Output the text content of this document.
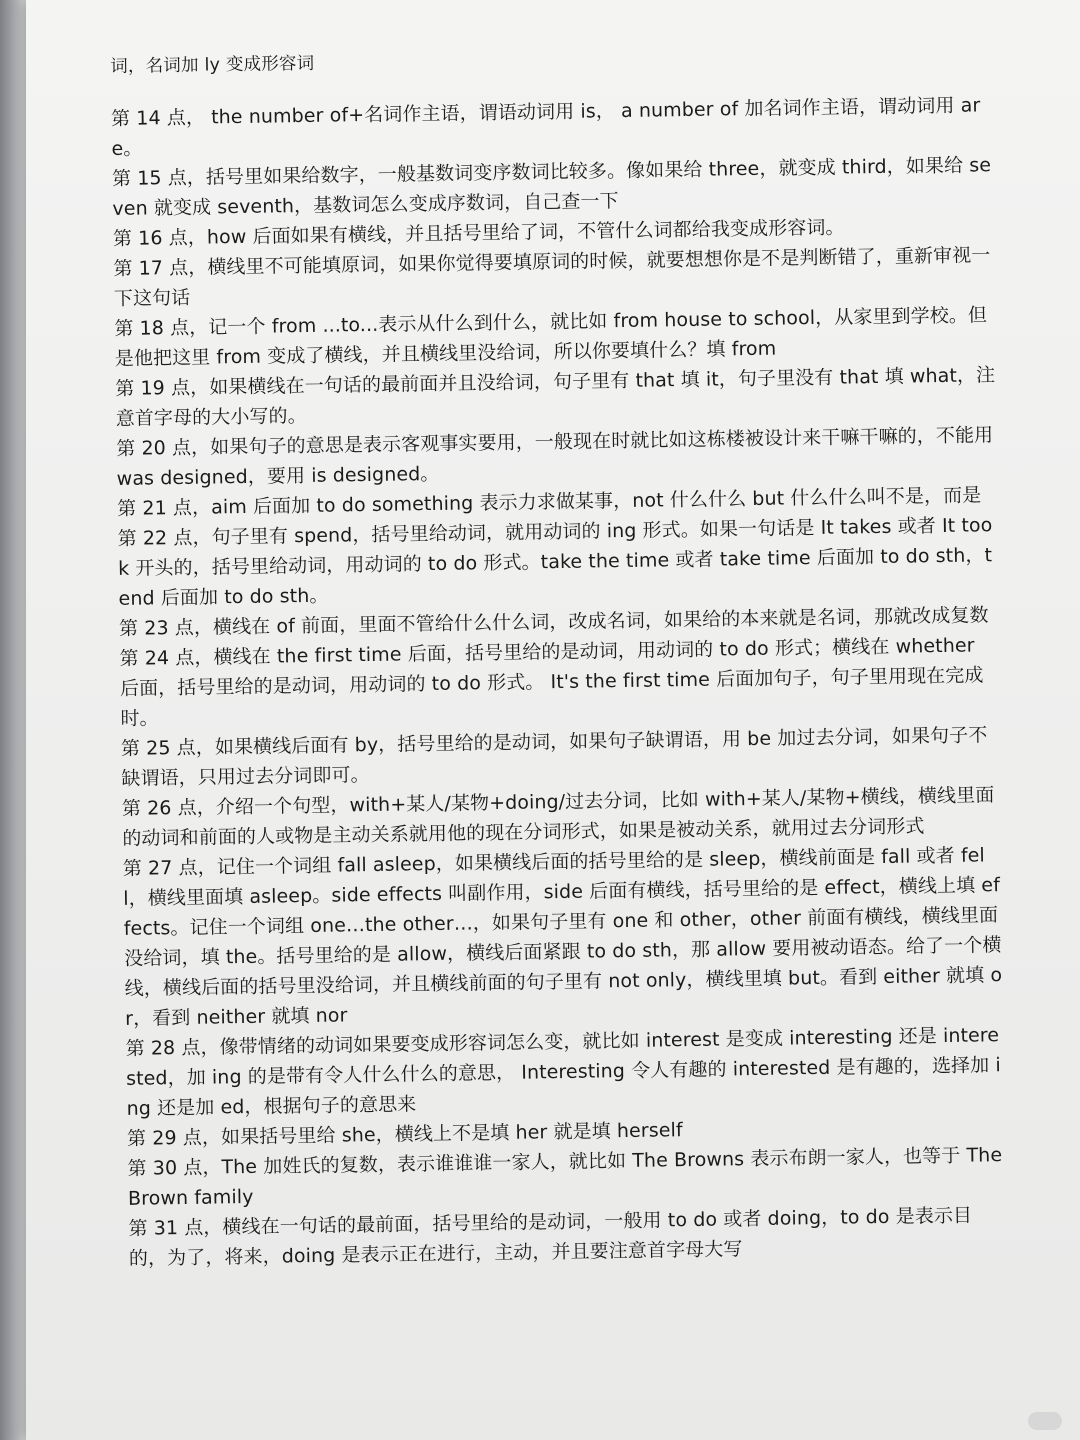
词，名词加 ly 变成形容词

第 14 点， the number of+名词作主语，谓语动词用 is， a number of 加名词作主语，谓动词用 are。

第 15 点，括号里如果给数字，一般基数词变序数词比较多。像如果给 three，就变成 third，如果给 seven 就变成 seventh，基数词怎么变成序数词，自己查一下

第 16 点，how 后面如果有横线，并且括号里给了词，不管什么词都给我变成形容词。

第 17 点，横线里不可能填原词，如果你觉得要填原词的时候，就要想想你是不是判断错了，重新审视一下这句话

第 18 点，记一个 from ...to...表示从什么到什么，就比如 from house to school，从家里到学校。但是他把这里 from 变成了横线，并且横线里没给词，所以你要填什么？填 from

第 19 点，如果横线在一句话的最前面并且没给词，句子里有 that 填 it，句子里没有 that 填 what，注意首字母的大小写的。

第 20 点，如果句子的意思是表示客观事实要用，一般现在时就比如这栋楼被设计来干嘛干嘛的，不能用 was designed，要用 is designed。

第 21 点，aim 后面加 to do something 表示力求做某事，not 什么什么 but 什么什么叫不是，而是

第 22 点，句子里有 spend，括号里给动词，就用动词的 ing 形式。如果一句话是 It takes 或者 It took 开头的，括号里给动词，用动词的 to do 形式。take the time 或者 take time 后面加 to do sth，tend 后面加 to do sth。

第 23 点，横线在 of 前面，里面不管给什么什么词，改成名词，如果给的本来就是名词，那就改成复数

第 24 点，横线在 the first time 后面，括号里给的是动词，用动词的 to do 形式；横线在 whether 后面，括号里给的是动词，用动词的 to do 形式。 It's the first time 后面加句子，句子里用现在完成时。

第 25 点，如果横线后面有 by，括号里给的是动词，如果句子缺谓语，用 be 加过去分词，如果句子不缺谓语，只用过去分词即可。

第 26 点，介绍一个句型，with+某人/某物+doing/过去分词，比如 with+某人/某物+横线，横线里面的动词和前面的人或物是主动关系就用他的现在分词形式，如果是被动关系，就用过去分词形式

第 27 点，记住一个词组 fall asleep，如果横线后面的括号里给的是 sleep，横线前面是 fall 或者 fell，横线里面填 asleep。side effects 叫副作用，side 后面有横线，括号里给的是 effect，横线上填 effects。记住一个词组 one…the other…，如果句子里有 one 和 other，other 前面有横线，横线里面没给词，填 the。括号里给的是 allow，横线后面紧跟 to do sth，那 allow 要用被动语态。给了一个横线，横线后面的括号里没给词，并且横线前面的句子里有 not only，横线里填 but。看到 either 就填 or，看到 neither 就填 nor

第 28 点，像带情绪的动词如果要变成形容词怎么变，就比如 interest 是变成 interesting 还是 interested，加 ing 的是带有令人什么什么的意思， Interesting 令人有趣的 interested 是有趣的，选择加 ing 还是加 ed，根据句子的意思来

第 29 点，如果括号里给 she，横线上不是填 her 就是填 herself

第 30 点，The 加姓氏的复数，表示谁谁谁一家人，就比如 The Browns 表示布朗一家人，也等于 The Brown family

第 31 点，横线在一句话的最前面，括号里给的是动词，一般用 to do 或者 doing，to do 是表示目的，为了，将来，doing 是表示正在进行，主动，并且要注意首字母大写
